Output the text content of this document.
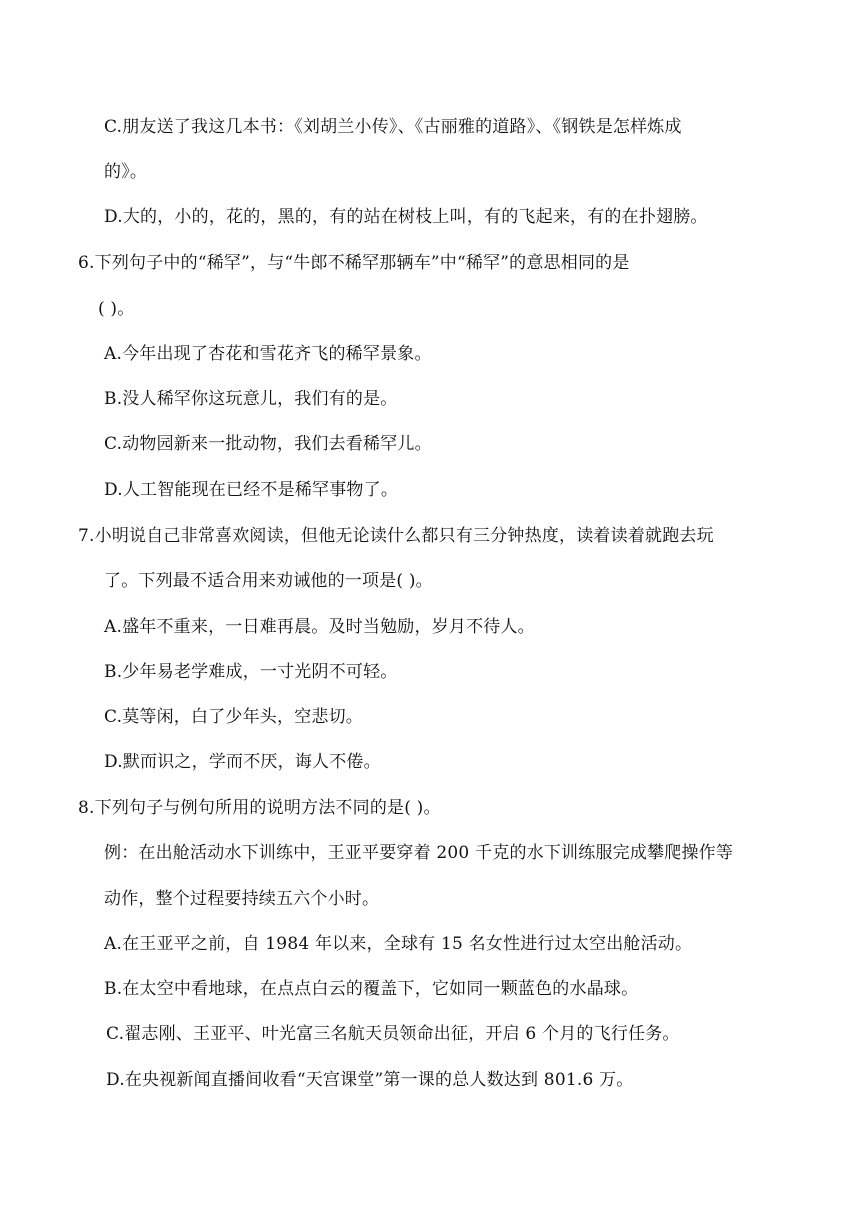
C.朋友送了我这几本书：《刘胡兰小传》、《古丽雅的道路》、《钢铁是怎样炼成
的》。
D.大的，小的，花的，黑的，有的站在树枝上叫，有的飞起来，有的在扑翅膀。
6.下列句子中的“稀罕”，与“牛郎不稀罕那辆车”中“稀罕”的意思相同的是
( )。
A.今年出现了杏花和雪花齐飞的稀罕景象。
B.没人稀罕你这玩意儿，我们有的是。
C.动物园新来一批动物，我们去看稀罕儿。
D.人工智能现在已经不是稀罕事物了。
7.小明说自己非常喜欢阅读，但他无论读什么都只有三分钟热度，读着读着就跑去玩
了。下列最不适合用来劝诫他的一项是( )。
A.盛年不重来，一日难再晨。及时当勉励，岁月不待人。
B.少年易老学难成，一寸光阴不可轻。
C.莫等闲，白了少年头，空悲切。
D.默而识之，学而不厌，诲人不倦。
8.下列句子与例句所用的说明方法不同的是( )。
例：在出舱活动水下训练中，王亚平要穿着 200 千克的水下训练服完成攀爬操作等
动作，整个过程要持续五六个小时。
A.在王亚平之前，自 1984 年以来，全球有 15 名女性进行过太空出舱活动。
B.在太空中看地球，在点点白云的覆盖下，它如同一颗蓝色的水晶球。
C.翟志刚、王亚平、叶光富三名航天员领命出征，开启 6 个月的飞行任务。
D.在央视新闻直播间收看“天宫课堂”第一课的总人数达到 801.6 万。
